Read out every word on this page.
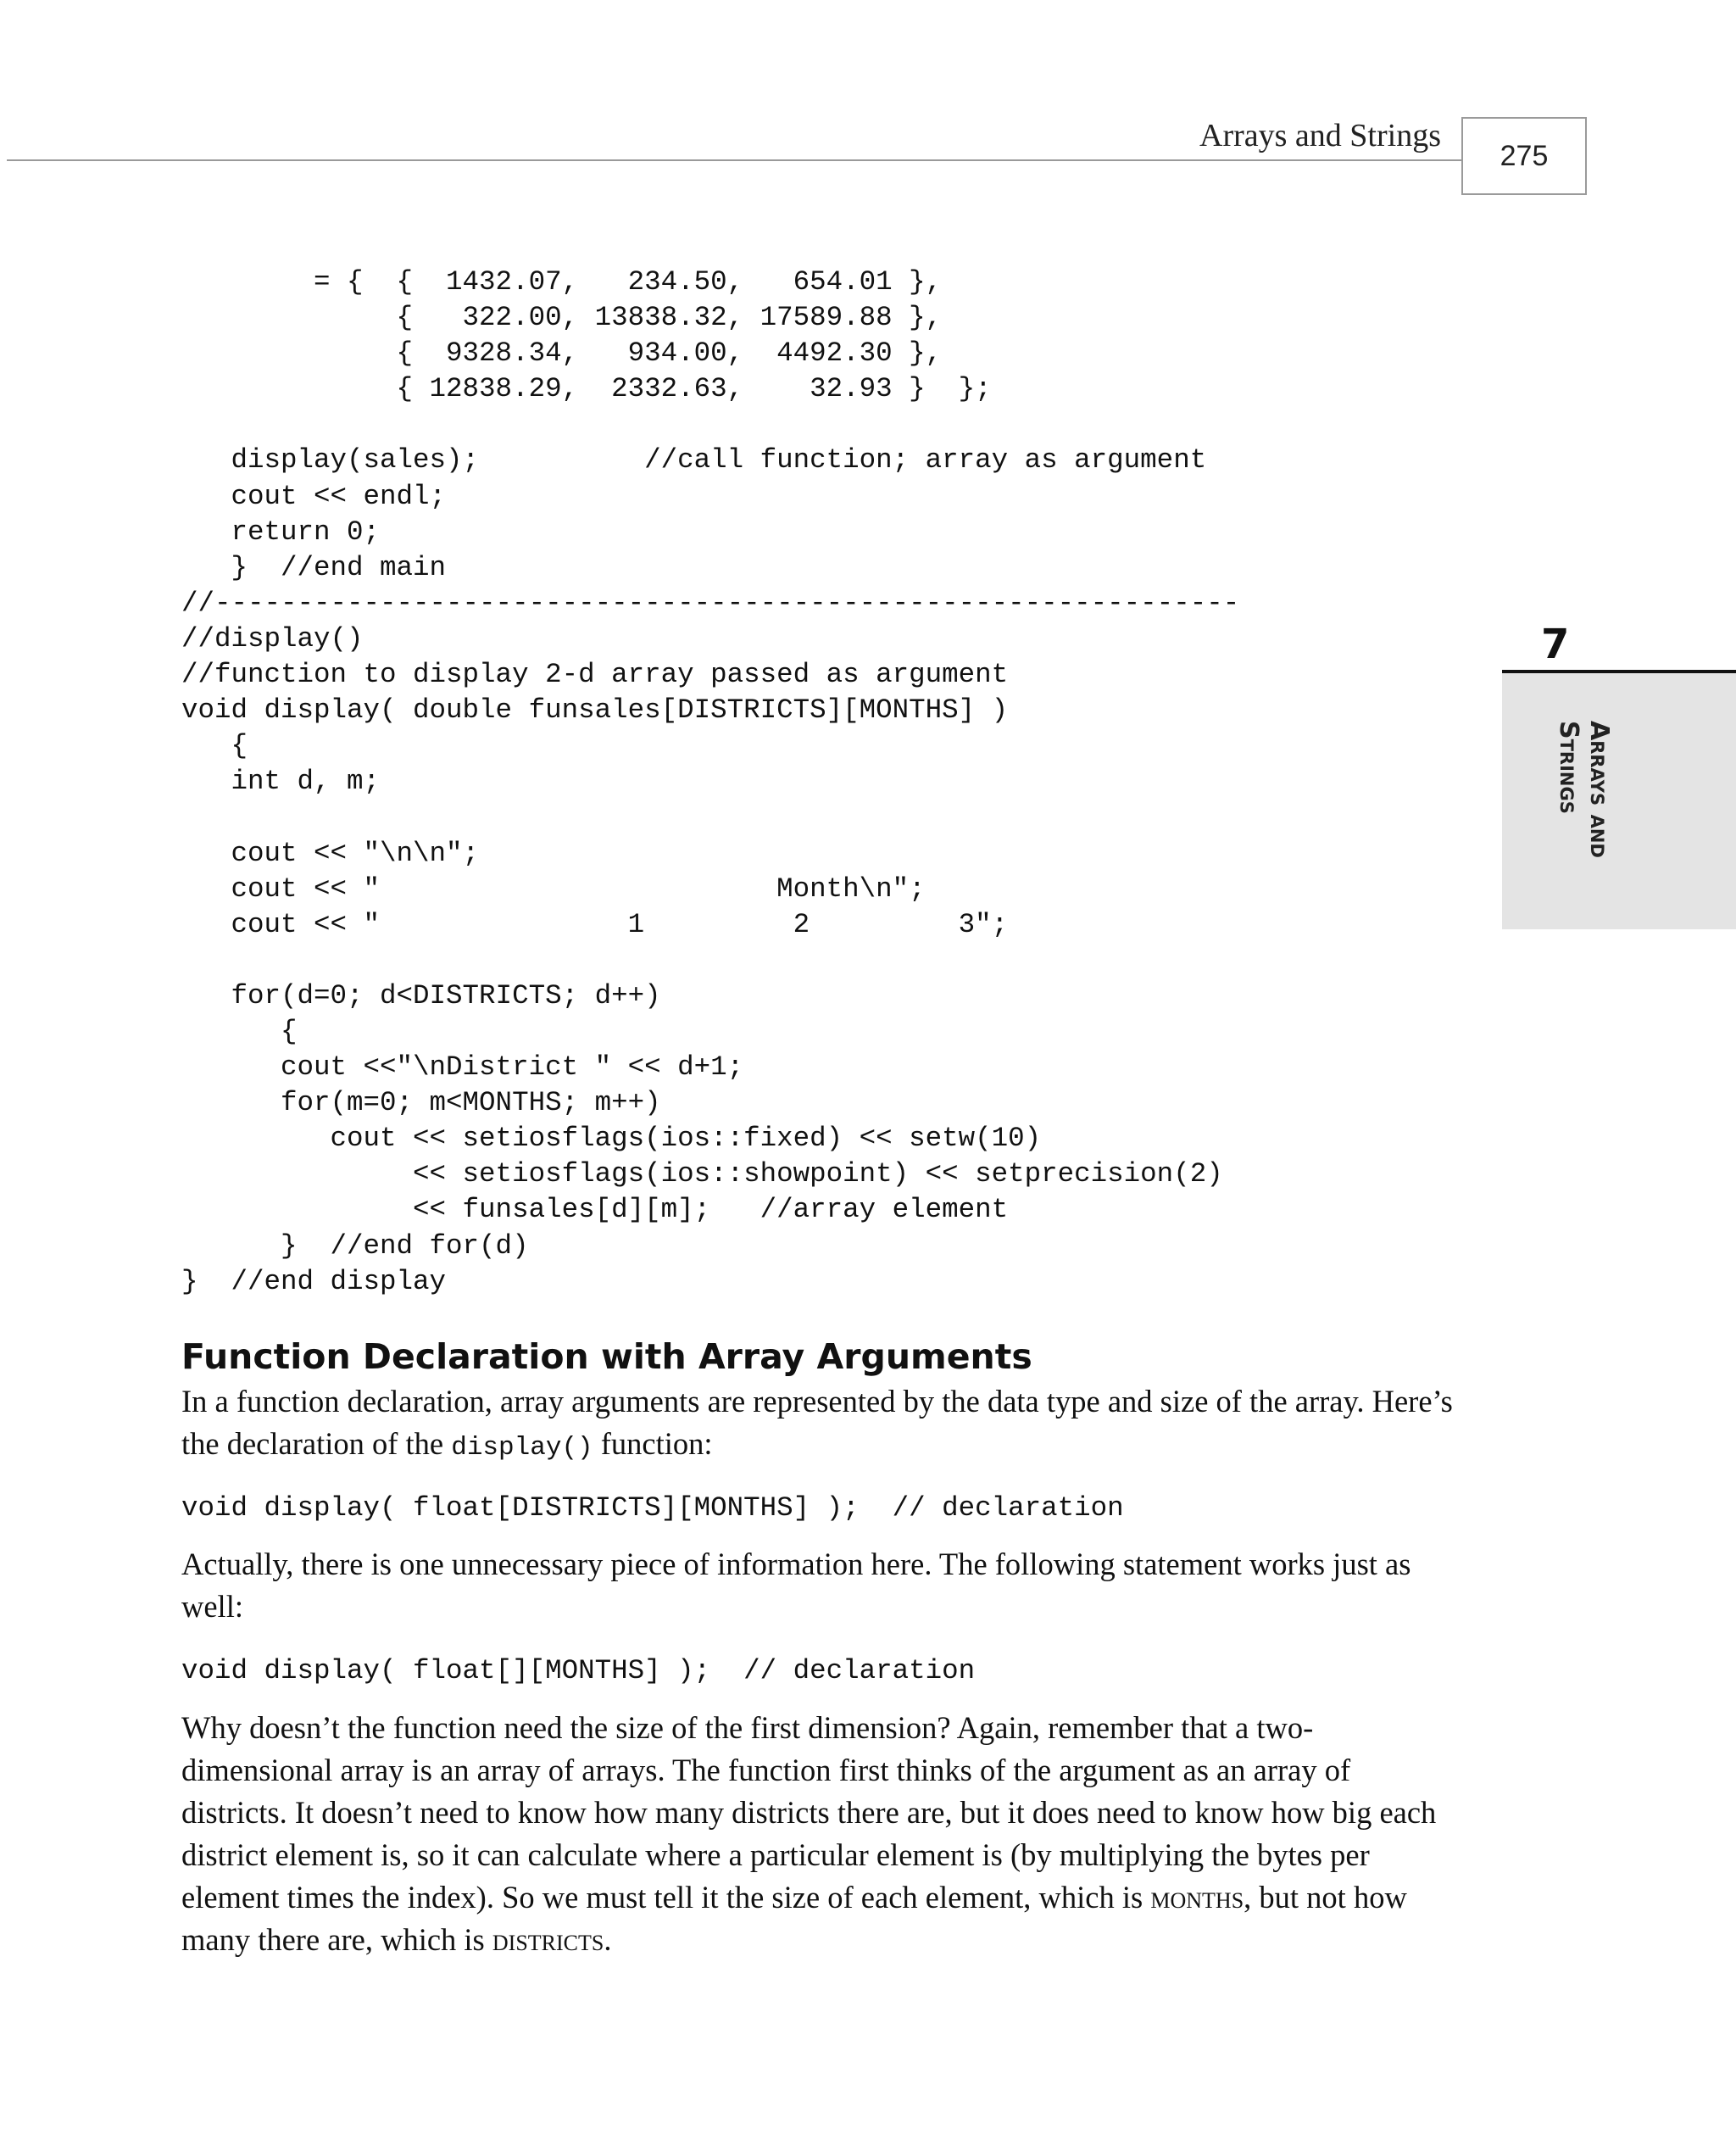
Arrays and Strings
275
7
Arrays and
Strings
= {  {  1432.07,   234.50,   654.01 },
{   322.00, 13838.32, 17589.88 },
{  9328.34,   934.00,  4492.30 },
{ 12838.29,  2332.63,    32.93 }  };

display(sales);          //call function; array as argument
cout << endl;
return 0;
}  //end main
//--------------------------------------------------------------
//display()
//function to display 2-d array passed as argument
void display( double funsales[DISTRICTS][MONTHS] )
{
int d, m;

cout << "\n\n";
cout << "                        Month\n";
cout << "               1         2         3";

for(d=0; d<DISTRICTS; d++)
{
cout <<"\nDistrict " << d+1;
for(m=0; m<MONTHS; m++)
cout << setiosflags(ios::fixed) << setw(10)
<< setiosflags(ios::showpoint) << setprecision(2)
<< funsales[d][m];   //array element
}  //end for(d)
}  //end display
Function Declaration with Array Arguments
In a function declaration, array arguments are represented by the data type and size of the array. Here’s the declaration of the display() function:
void display( float[DISTRICTS][MONTHS] );  // declaration
Actually, there is one unnecessary piece of information here. The following statement works just as well:
void display( float[][MONTHS] );  // declaration
Why doesn’t the function need the size of the first dimension? Again, remember that a two-dimensional array is an array of arrays. The function first thinks of the argument as an array of districts. It doesn’t need to know how many districts there are, but it does need to know how big each district element is, so it can calculate where a particular element is (by multiplying the bytes per element times the index). So we must tell it the size of each element, which is months, but not how many there are, which is districts.
